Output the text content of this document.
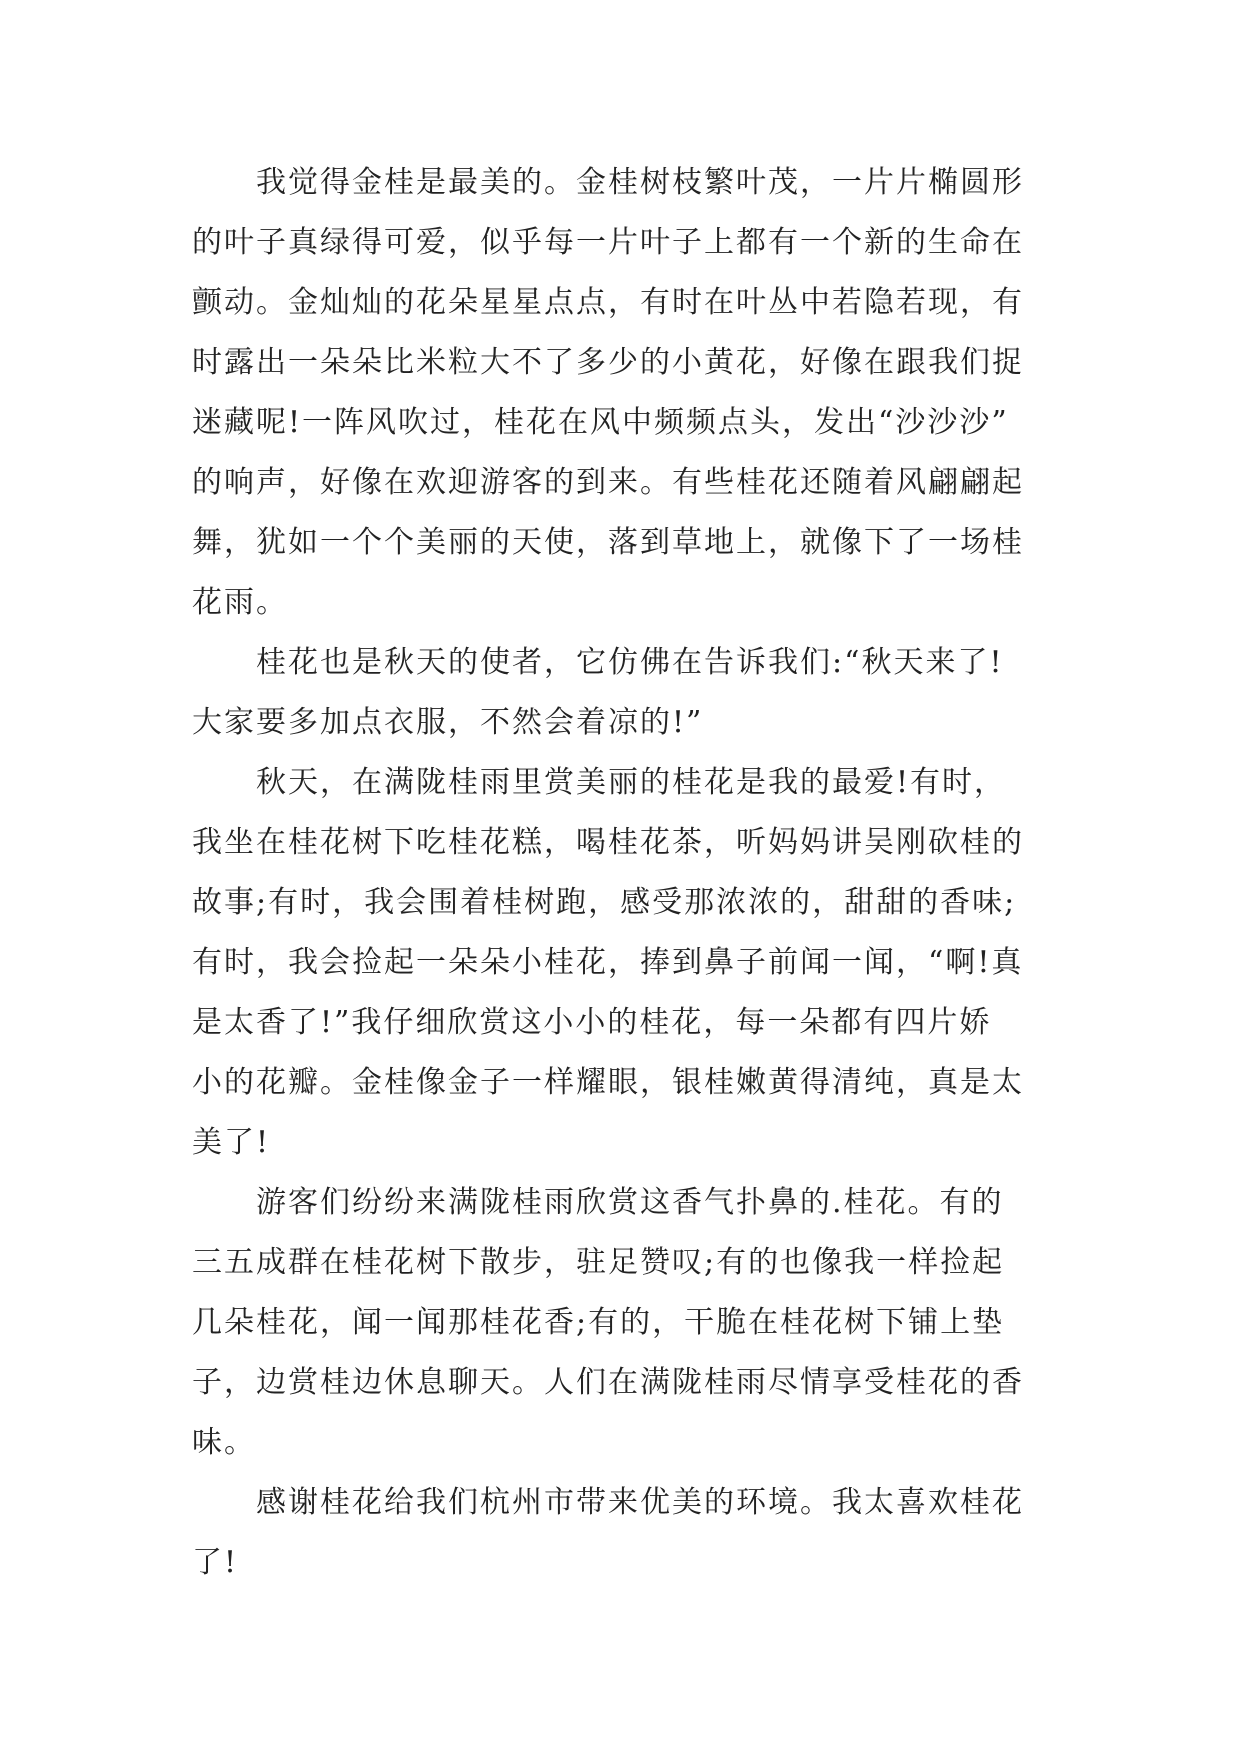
我觉得金桂是最美的。金桂树枝繁叶茂，一片片椭圆形
的叶子真绿得可爱，似乎每一片叶子上都有一个新的生命在
颤动。金灿灿的花朵星星点点，有时在叶丛中若隐若现，有
时露出一朵朵比米粒大不了多少的小黄花，好像在跟我们捉
迷藏呢!一阵风吹过，桂花在风中频频点头，发出“沙沙沙”
的响声，好像在欢迎游客的到来。有些桂花还随着风翩翩起
舞，犹如一个个美丽的天使，落到草地上，就像下了一场桂
花雨。
桂花也是秋天的使者，它仿佛在告诉我们:“秋天来了!
大家要多加点衣服，不然会着凉的!”
秋天，在满陇桂雨里赏美丽的桂花是我的最爱!有时，
我坐在桂花树下吃桂花糕，喝桂花茶，听妈妈讲吴刚砍桂的
故事;有时，我会围着桂树跑，感受那浓浓的，甜甜的香味;
有时，我会捡起一朵朵小桂花，捧到鼻子前闻一闻，“啊!真
是太香了!”我仔细欣赏这小小的桂花，每一朵都有四片娇
小的花瓣。金桂像金子一样耀眼，银桂嫩黄得清纯，真是太
美了!
游客们纷纷来满陇桂雨欣赏这香气扑鼻的.桂花。有的
三五成群在桂花树下散步，驻足赞叹;有的也像我一样捡起
几朵桂花，闻一闻那桂花香;有的，干脆在桂花树下铺上垫
子，边赏桂边休息聊天。人们在满陇桂雨尽情享受桂花的香
味。
感谢桂花给我们杭州市带来优美的环境。我太喜欢桂花
了!
